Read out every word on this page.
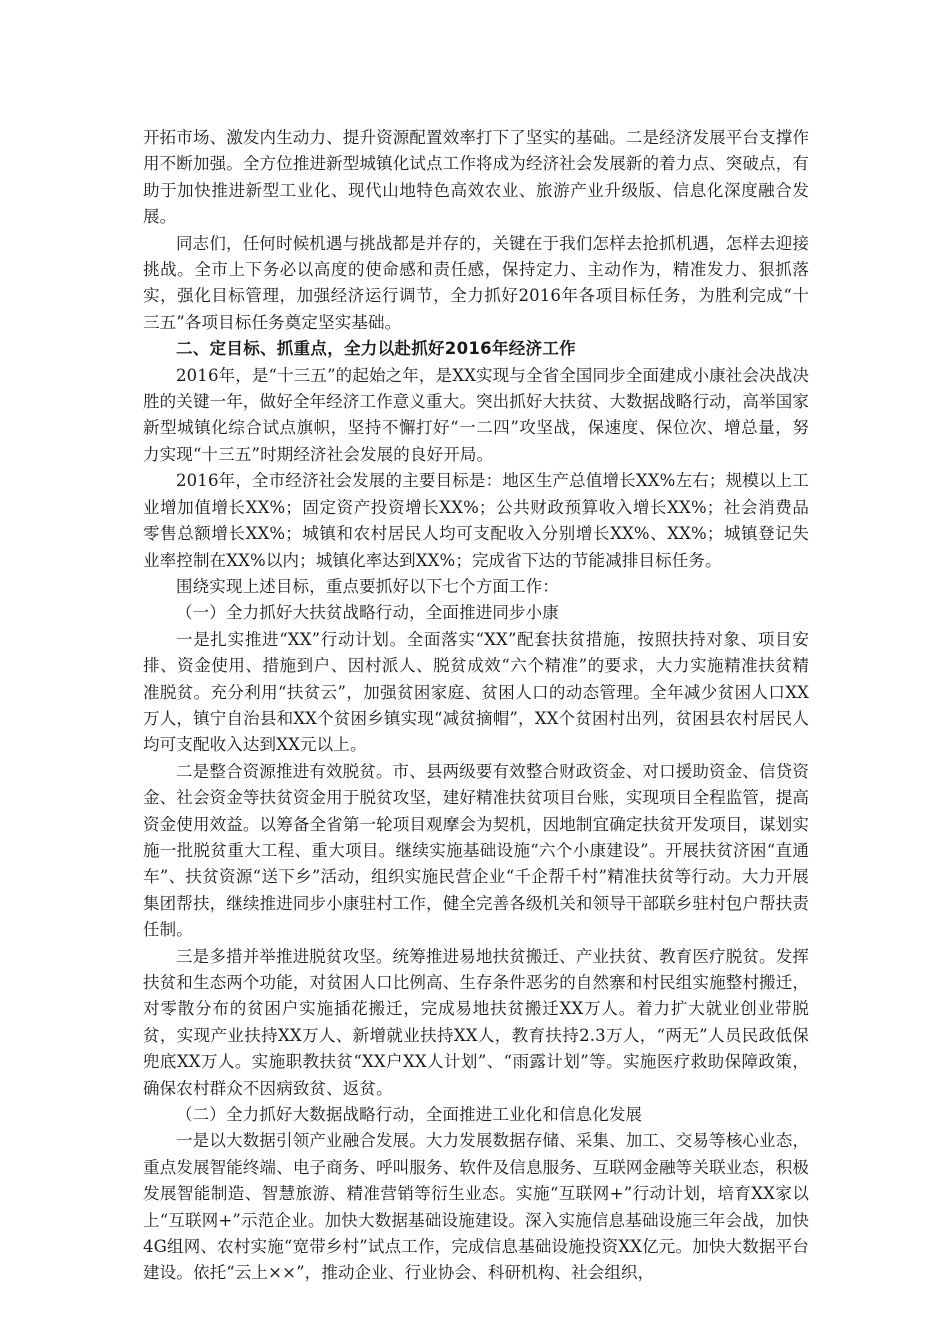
开拓市场、激发内生动力、提升资源配置效率打下了坚实的基础。二是经济发展平台支撑作用不断加强。全方位推进新型城镇化试点工作将成为经济社会发展新的着力点、突破点，有助于加快推进新型工业化、现代山地特色高效农业、旅游产业升级版、信息化深度融合发展。

同志们，任何时候机遇与挑战都是并存的，关键在于我们怎样去抢抓机遇，怎样去迎接挑战。全市上下务必以高度的使命感和责任感，保持定力、主动作为，精准发力、狠抓落实，强化目标管理，加强经济运行调节，全力抓好2016年各项目标任务，为胜利完成“十三五”各项目标任务奠定坚实基础。

二、定目标、抓重点，全力以赴抓好2016年经济工作

2016年，是“十三五”的起始之年，是XX实现与全省全国同步全面建成小康社会决战决胜的关键一年，做好全年经济工作意义重大。突出抓好大扶贫、大数据战略行动，高举国家新型城镇化综合试点旗帜，坚持不懈打好“一二四”攻坚战，保速度、保位次、增总量，努力实现“十三五”时期经济社会发展的良好开局。

2016年，全市经济社会发展的主要目标是：地区生产总值增长XX%左右；规模以上工业增加值增长XX%；固定资产投资增长XX%；公共财政预算收入增长XX%；社会消费品零售总额增长XX%；城镇和农村居民人均可支配收入分别增长XX%、XX%；城镇登记失业率控制在XX%以内；城镇化率达到XX%；完成省下达的节能减排目标任务。

围绕实现上述目标，重点要抓好以下七个方面工作：

（一）全力抓好大扶贫战略行动，全面推进同步小康

一是扎实推进“XX”行动计划。全面落实“XX”配套扶贫措施，按照扶持对象、项目安排、资金使用、措施到户、因村派人、脱贫成效“六个精准”的要求，大力实施精准扶贫精准脱贫。充分利用“扶贫云”，加强贫困家庭、贫困人口的动态管理。全年减少贫困人口XX万人，镇宁自治县和XX个贫困乡镇实现“减贫摘帽”，XX个贫困村出列，贫困县农村居民人均可支配收入达到XX元以上。

二是整合资源推进有效脱贫。市、县两级要有效整合财政资金、对口援助资金、信贷资金、社会资金等扶贫资金用于脱贫攻坚，建好精准扶贫项目台账，实现项目全程监管，提高资金使用效益。以筹备全省第一轮项目观摩会为契机，因地制宜确定扶贫开发项目，谋划实施一批脱贫重大工程、重大项目。继续实施基础设施“六个小康建设”。开展扶贫济困“直通车”、扶贫资源“送下乡”活动，组织实施民营企业“千企帮千村”精准扶贫等行动。大力开展集团帮扶，继续推进同步小康驻村工作，健全完善各级机关和领导干部联乡驻村包户帮扶责任制。

三是多措并举推进脱贫攻坚。统筹推进易地扶贫搬迁、产业扶贫、教育医疗脱贫。发挥扶贫和生态两个功能，对贫困人口比例高、生存条件恶劣的自然寨和村民组实施整村搬迁，对零散分布的贫困户实施插花搬迁，完成易地扶贫搬迁XX万人。着力扩大就业创业带脱贫，实现产业扶持XX万人、新增就业扶持XX人，教育扶持2.3万人，“两无”人员民政低保兜底XX万人。实施职教扶贫“XX户XX人计划”、“雨露计划”等。实施医疗救助保障政策，确保农村群众不因病致贫、返贫。

（二）全力抓好大数据战略行动，全面推进工业化和信息化发展

一是以大数据引领产业融合发展。大力发展数据存储、采集、加工、交易等核心业态，重点发展智能终端、电子商务、呼叫服务、软件及信息服务、互联网金融等关联业态，积极发展智能制造、智慧旅游、精准营销等衍生业态。实施“互联网+”行动计划，培育XX家以上“互联网+”示范企业。加快大数据基础设施建设。深入实施信息基础设施三年会战，加快4G组网、农村实施“宽带乡村”试点工作，完成信息基础设施投资XX亿元。加快大数据平台建设。依托“云上××”，推动企业、行业协会、科研机构、社会组织，
